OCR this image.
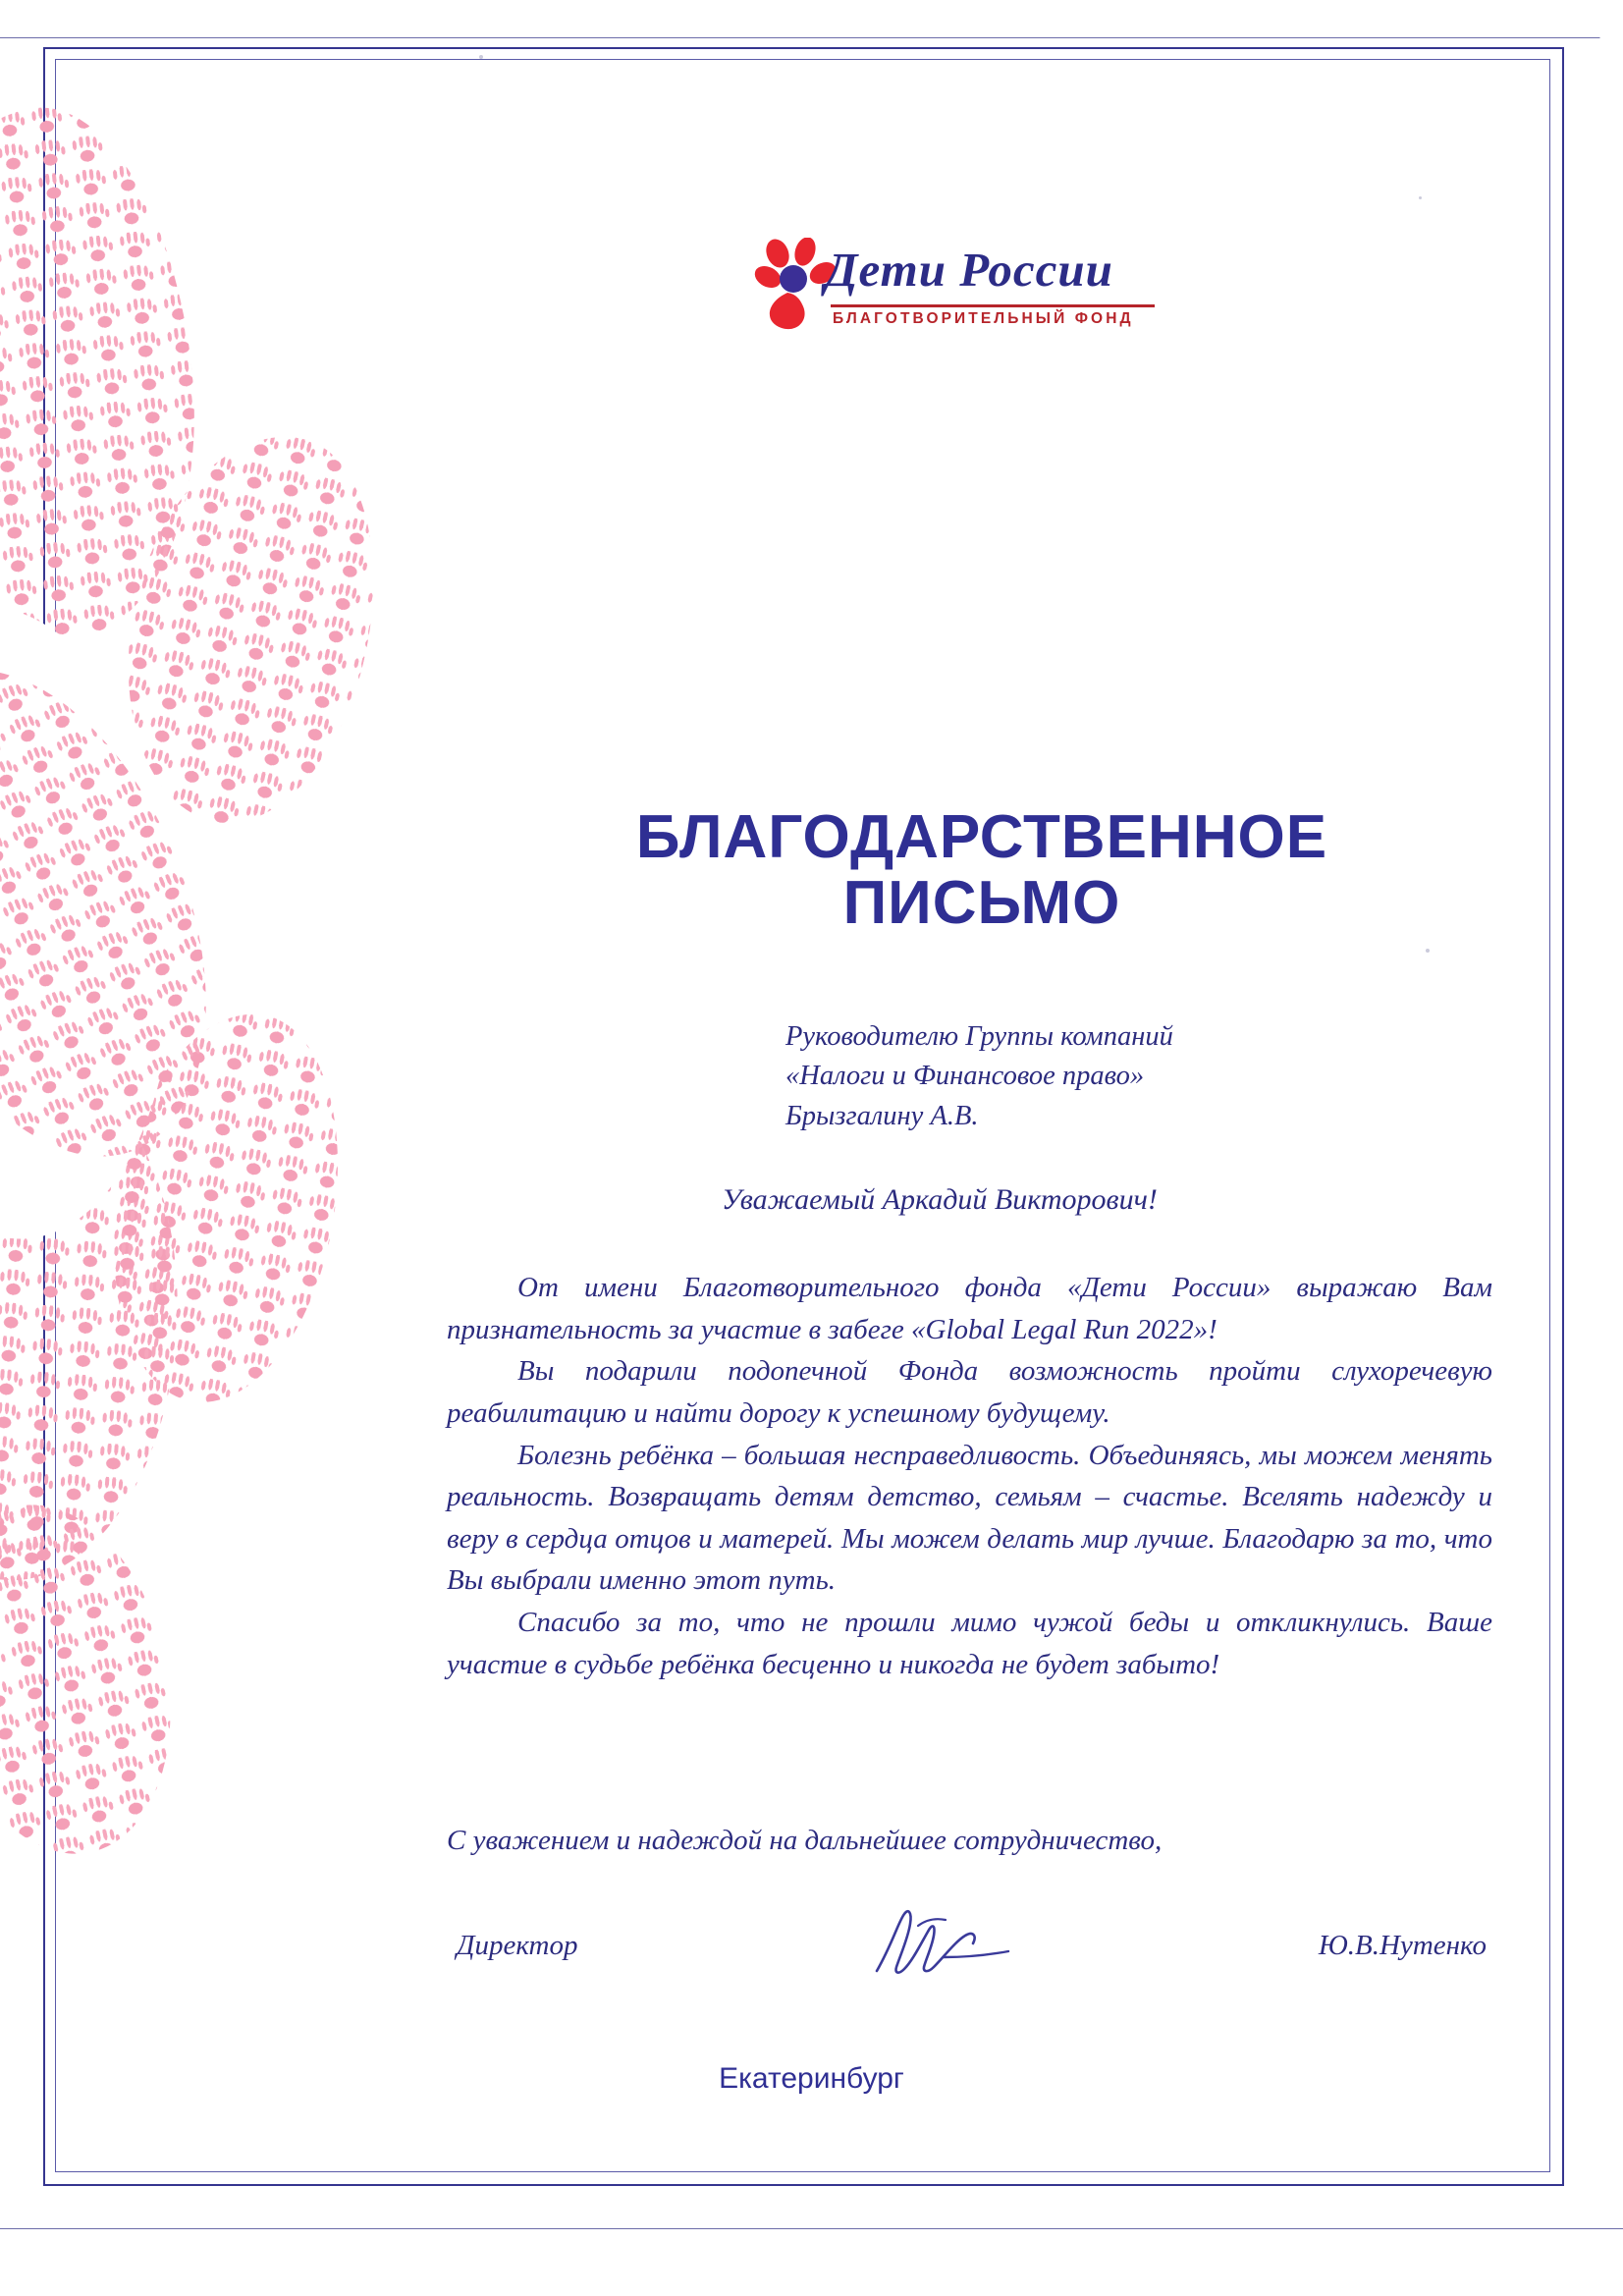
Дети России
БЛАГОТВОРИТЕЛЬНЫЙ ФОНД
БЛАГОДАРСТВЕННОЕ
ПИСЬМО
Руководителю Группы компаний
«Налоги и Финансовое право»
Брызгалину А.В.
Уважаемый Аркадий Викторович!

От имени Благотворительного фонда «Дети России» выражаю Вам признательность за участие в забеге «Global Legal Run 2022»!

Вы подарили подопечной Фонда возможность пройти слухоречевую реабилитацию и найти дорогу к успешному будущему.

Болезнь ребёнка – большая несправедливость. Объединяясь, мы можем менять реальность. Возвращать детям детство, семьям – счастье. Вселять надежду и веру в сердца отцов и матерей. Мы можем делать мир лучше. Благодарю за то, что Вы выбрали именно этот путь.

Спасибо за то, что не прошли мимо чужой беды и откликнулись. Ваше участие в судьбе ребёнка бесценно и никогда не будет забыто!

С уважением и надеждой на дальнейшее сотрудничество,
Директор	Ю.В.Нутенко
Екатеринбург
